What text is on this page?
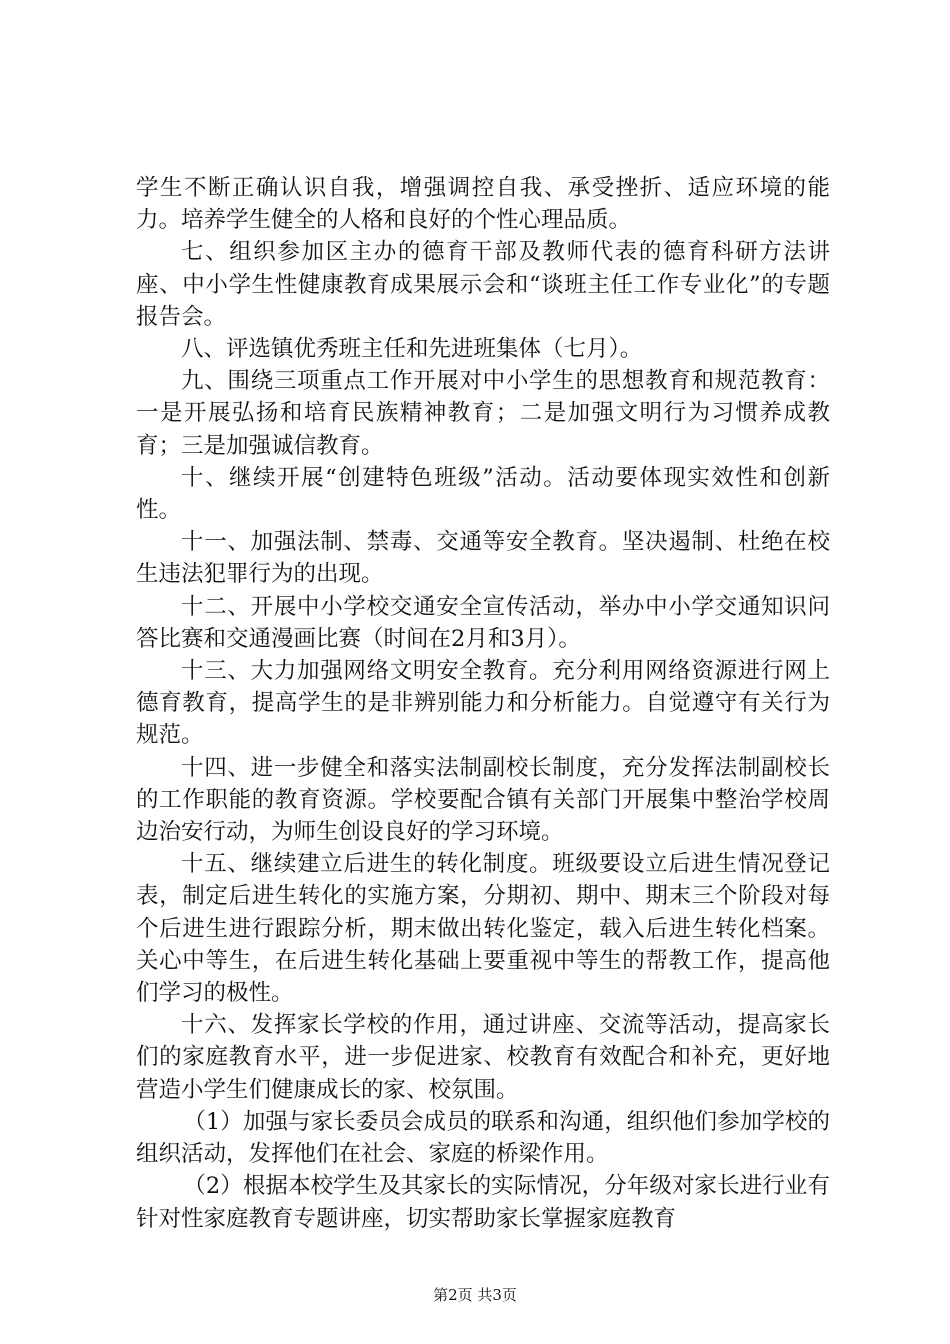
学生不断正确认识自我，增强调控自我、承受挫折、适应环境的能力。培养学生健全的人格和良好的个性心理品质。

七、组织参加区主办的德育干部及教师代表的德育科研方法讲座、中小学生性健康教育成果展示会和“谈班主任工作专业化”的专题报告会。

八、评选镇优秀班主任和先进班集体（七月）。

九、围绕三项重点工作开展对中小学生的思想教育和规范教育：一是开展弘扬和培育民族精神教育；二是加强文明行为习惯养成教育；三是加强诚信教育。

十、继续开展“创建特色班级”活动。活动要体现实效性和创新性。

十一、加强法制、禁毒、交通等安全教育。坚决遏制、杜绝在校生违法犯罪行为的出现。

十二、开展中小学校交通安全宣传活动，举办中小学交通知识问答比赛和交通漫画比赛（时间在2月和3月）。

十三、大力加强网络文明安全教育。充分利用网络资源进行网上德育教育，提高学生的是非辨别能力和分析能力。自觉遵守有关行为规范。

十四、进一步健全和落实法制副校长制度，充分发挥法制副校长的工作职能的教育资源。学校要配合镇有关部门开展集中整治学校周边治安行动，为师生创设良好的学习环境。

十五、继续建立后进生的转化制度。班级要设立后进生情况登记表，制定后进生转化的实施方案，分期初、期中、期末三个阶段对每个后进生进行跟踪分析，期末做出转化鉴定，载入后进生转化档案。关心中等生，在后进生转化基础上要重视中等生的帮教工作，提高他们学习的极性。

十六、发挥家长学校的作用，通过讲座、交流等活动，提高家长们的家庭教育水平，进一步促进家、校教育有效配合和补充，更好地营造小学生们健康成长的家、校氛围。

（1）加强与家长委员会成员的联系和沟通，组织他们参加学校的组织活动，发挥他们在社会、家庭的桥梁作用。

（2）根据本校学生及其家长的实际情况，分年级对家长进行业有针对性家庭教育专题讲座，切实帮助家长掌握家庭教育

第2页 共3页
